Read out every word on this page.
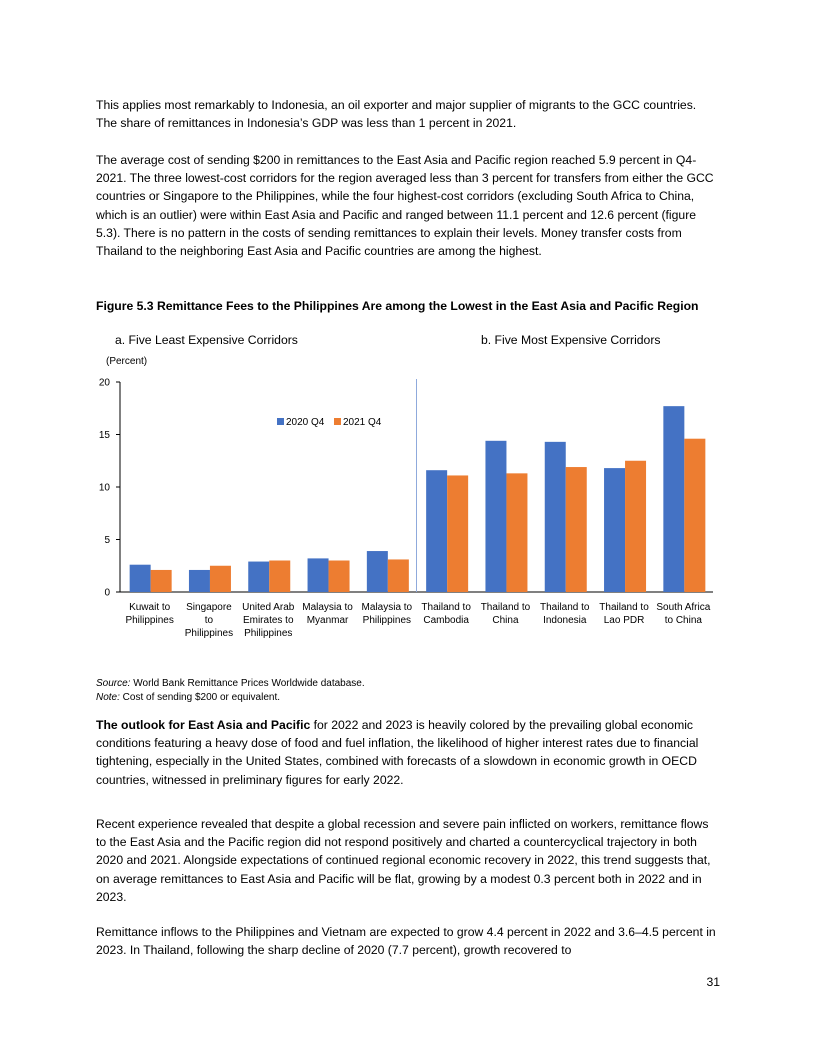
This applies most remarkably to Indonesia, an oil exporter and major supplier of migrants to the GCC countries. The share of remittances in Indonesia’s GDP was less than 1 percent in 2021.

The average cost of sending $200 in remittances to the East Asia and Pacific region reached 5.9 percent in Q4-2021. The three lowest-cost corridors for the region averaged less than 3 percent for transfers from either the GCC countries or Singapore to the Philippines, while the four highest-cost corridors (excluding South Africa to China, which is an outlier) were within East Asia and Pacific and ranged between 11.1 percent and 12.6 percent (figure 5.3). There is no pattern in the costs of sending remittances to explain their levels. Money transfer costs from Thailand to the neighboring East Asia and Pacific countries are among the highest.

Figure 5.3 Remittance Fees to the Philippines Are among the Lowest in the East Asia and Pacific Region

a. Five Least Expensive Corridors	b. Five Most Expensive Corridors
(Percent)
0
5
10
15
20
Kuwait to
Philippines
Singapore
to
Philippines
United Arab
Emirates to
Philippines
Malaysia to
Myanmar
Malaysia to
Philippines
Thailand to
Cambodia
Thailand to
China
Thailand to
Indonesia
Thailand to
Lao PDR
South Africa
to China
2020 Q4 2021 Q4
Source: World Bank Remittance Prices Worldwide database.
Note: Cost of sending $200 or equivalent.

The outlook for East Asia and Pacific for 2022 and 2023 is heavily colored by the prevailing global economic conditions featuring a heavy dose of food and fuel inflation, the likelihood of higher interest rates due to financial tightening, especially in the United States, combined with forecasts of a slowdown in economic growth in OECD countries, witnessed in preliminary figures for early 2022.

Recent experience revealed that despite a global recession and severe pain inflicted on workers, remittance flows to the East Asia and the Pacific region did not respond positively and charted a countercyclical trajectory in both 2020 and 2021. Alongside expectations of continued regional economic recovery in 2022, this trend suggests that, on average remittances to East Asia and Pacific will be flat, growing by a modest 0.3 percent both in 2022 and in 2023.

Remittance inflows to the Philippines and Vietnam are expected to grow 4.4 percent in 2022 and 3.6–4.5 percent in 2023. In Thailand, following the sharp decline of 2020 (7.7 percent), growth recovered to

31
